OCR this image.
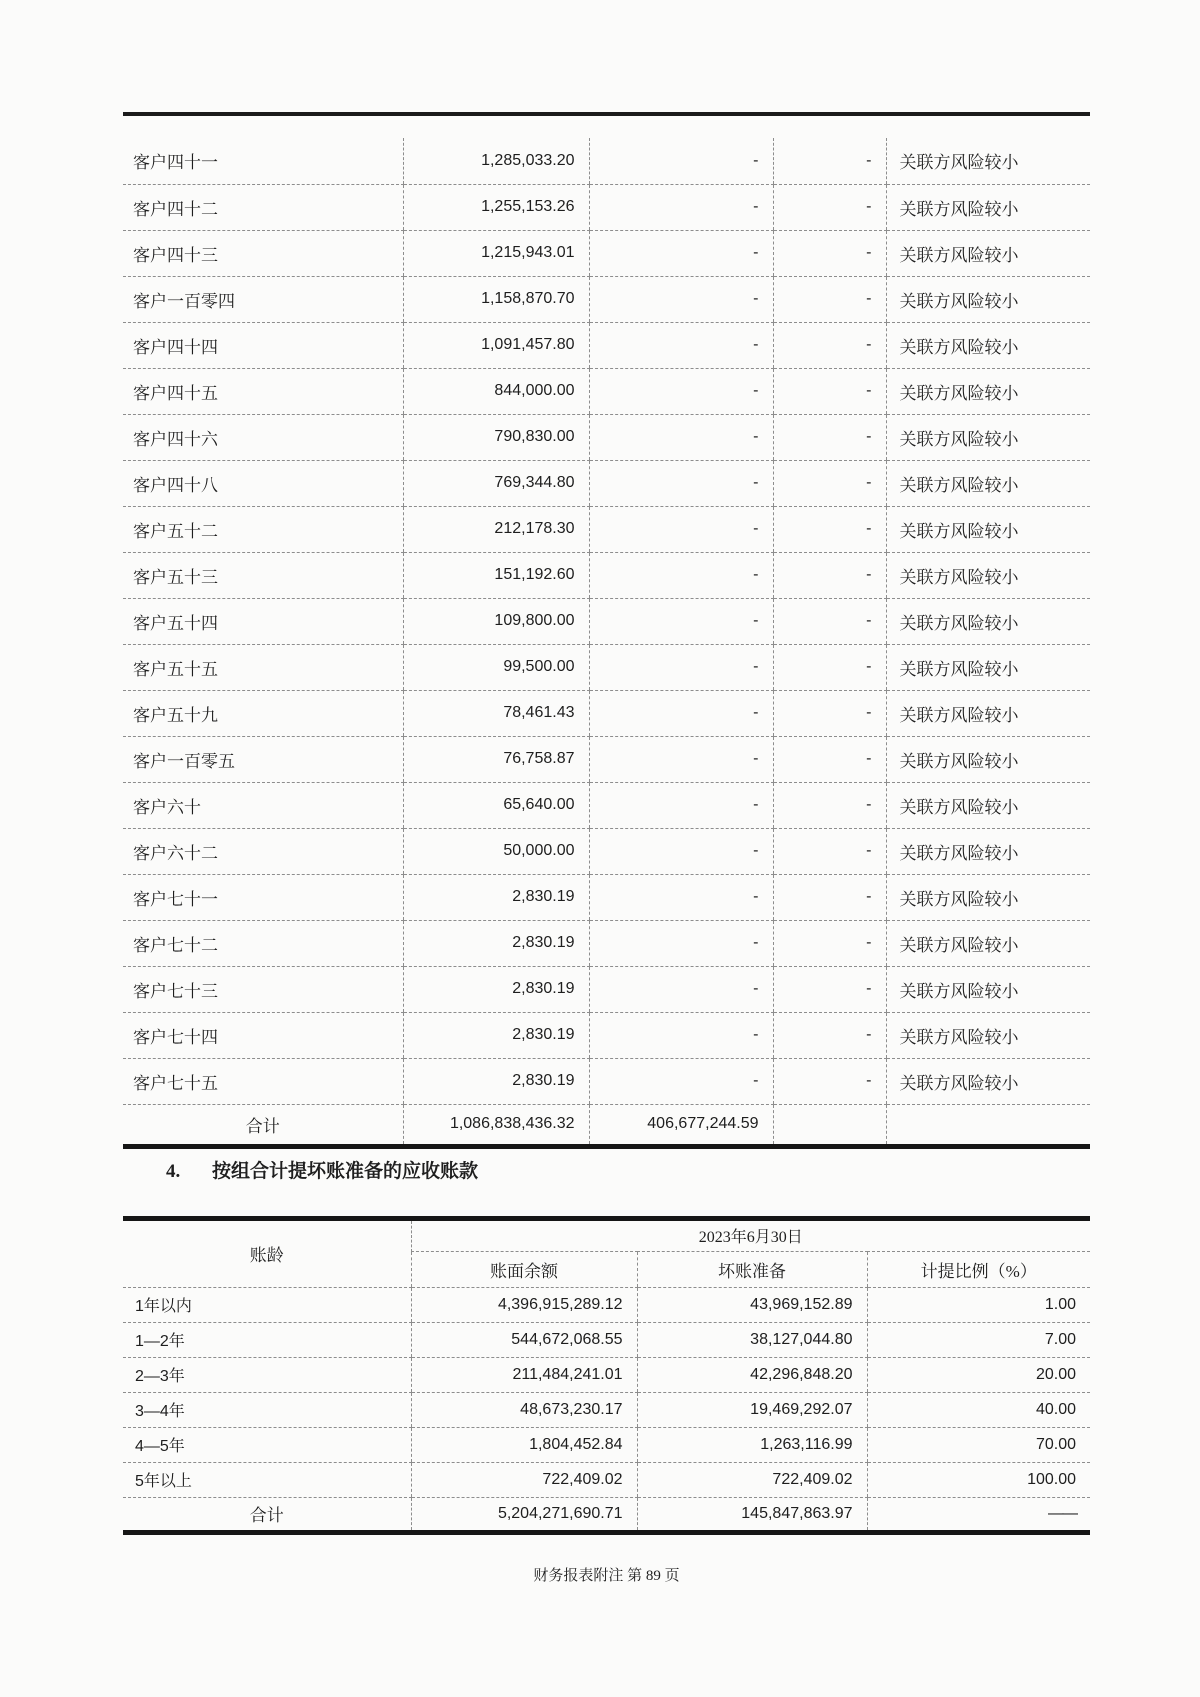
客户四十一	1,285,033.20	-	-	关联方风险较小
客户四十二	1,255,153.26	-	-	关联方风险较小
客户四十三	1,215,943.01	-	-	关联方风险较小
客户一百零四	1,158,870.70	-	-	关联方风险较小
客户四十四	1,091,457.80	-	-	关联方风险较小
客户四十五	844,000.00	-	-	关联方风险较小
客户四十六	790,830.00	-	-	关联方风险较小
客户四十八	769,344.80	-	-	关联方风险较小
客户五十二	212,178.30	-	-	关联方风险较小
客户五十三	151,192.60	-	-	关联方风险较小
客户五十四	109,800.00	-	-	关联方风险较小
客户五十五	99,500.00	-	-	关联方风险较小
客户五十九	78,461.43	-	-	关联方风险较小
客户一百零五	76,758.87	-	-	关联方风险较小
客户六十	65,640.00	-	-	关联方风险较小
客户六十二	50,000.00	-	-	关联方风险较小
客户七十一	2,830.19	-	-	关联方风险较小
客户七十二	2,830.19	-	-	关联方风险较小
客户七十三	2,830.19	-	-	关联方风险较小
客户七十四	2,830.19	-	-	关联方风险较小
客户七十五	2,830.19	-	-	关联方风险较小
合计	1,086,838,436.32	406,677,244.59		
4. 按组合计提坏账准备的应收账款
账龄	2023年6月30日		
	账面余额	坏账准备	计提比例（%）
1年以内	4,396,915,289.12	43,969,152.89	1.00
1—2年	544,672,068.55	38,127,044.80	7.00
2—3年	211,484,241.01	42,296,848.20	20.00
3—4年	48,673,230.17	19,469,292.07	40.00
4—5年	1,804,452.84	1,263,116.99	70.00
5年以上	722,409.02	722,409.02	100.00
合计	5,204,271,690.71	145,847,863.97	——
财务报表附注 第 89 页
